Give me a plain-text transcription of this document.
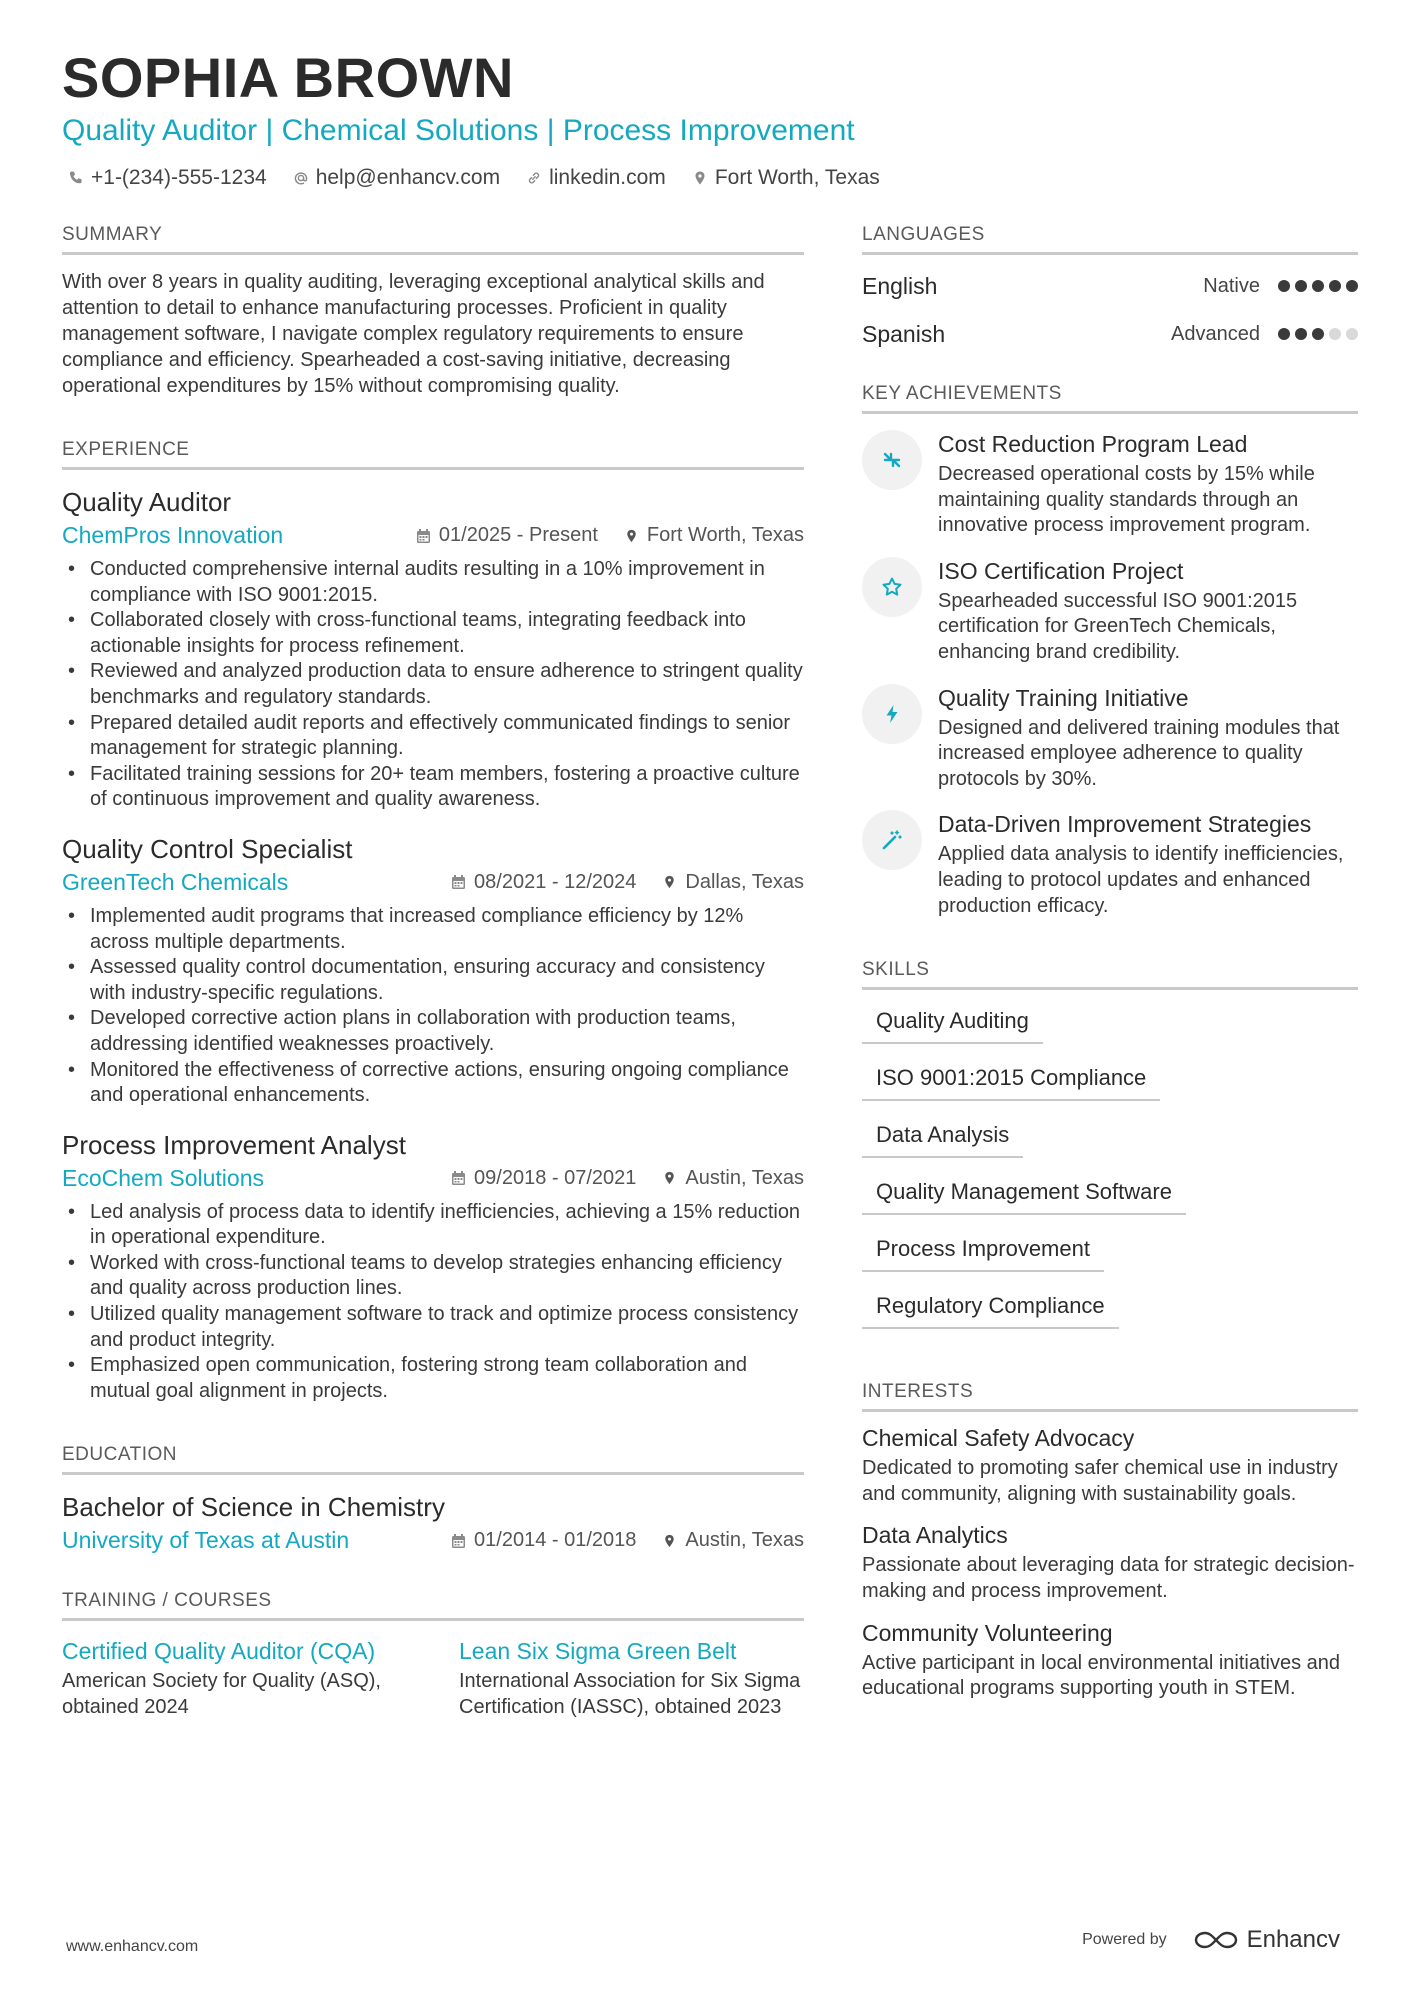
SOPHIA BROWN
Quality Auditor | Chemical Solutions | Process Improvement
+1-(234)-555-1234 help@enhancv.com linkedin.com Fort Worth, Texas
SUMMARY

With over 8 years in quality auditing, leveraging exceptional analytical skills and attention to detail to enhance manufacturing processes. Proficient in quality management software, I navigate complex regulatory requirements to ensure compliance and efficiency. Spearheaded a cost-saving initiative, decreasing operational expenditures by 15% without compromising quality.

EXPERIENCE
Quality Auditor
ChemPros Innovation	01/2025 - Present Fort Worth, Texas
• Conducted comprehensive internal audits resulting in a 10% improvement in compliance with ISO 9001:2015.
• Collaborated closely with cross-functional teams, integrating feedback into actionable insights for process refinement.
• Reviewed and analyzed production data to ensure adherence to stringent quality benchmarks and regulatory standards.
• Prepared detailed audit reports and effectively communicated findings to senior management for strategic planning.
• Facilitated training sessions for 20+ team members, fostering a proactive culture of continuous improvement and quality awareness.
Quality Control Specialist
GreenTech Chemicals	08/2021 - 12/2024 Dallas, Texas
• Implemented audit programs that increased compliance efficiency by 12% across multiple departments.
• Assessed quality control documentation, ensuring accuracy and consistency with industry-specific regulations.
• Developed corrective action plans in collaboration with production teams, addressing identified weaknesses proactively.
• Monitored the effectiveness of corrective actions, ensuring ongoing compliance and operational enhancements.
Process Improvement Analyst
EcoChem Solutions	09/2018 - 07/2021 Austin, Texas
• Led analysis of process data to identify inefficiencies, achieving a 15% reduction in operational expenditure.
• Worked with cross-functional teams to develop strategies enhancing efficiency and quality across production lines.
• Utilized quality management software to track and optimize process consistency and product integrity.
• Emphasized open communication, fostering strong team collaboration and mutual goal alignment in projects.
EDUCATION
Bachelor of Science in Chemistry
University of Texas at Austin	01/2014 - 01/2018 Austin, Texas
TRAINING / COURSES
Certified Quality Auditor (CQA)
American Society for Quality (ASQ), obtained 2024
Lean Six Sigma Green Belt
International Association for Six Sigma Certification (IASSC), obtained 2023
LANGUAGES
English	Native
Spanish	Advanced
KEY ACHIEVEMENTS
Cost Reduction Program Lead
Decreased operational costs by 15% while maintaining quality standards through an innovative process improvement program.
ISO Certification Project
Spearheaded successful ISO 9001:2015 certification for GreenTech Chemicals, enhancing brand credibility.
Quality Training Initiative
Designed and delivered training modules that increased employee adherence to quality protocols by 30%.
Data-Driven Improvement Strategies
Applied data analysis to identify inefficiencies, leading to protocol updates and enhanced production efficacy.
SKILLS
Quality Auditing
ISO 9001:2015 Compliance
Data Analysis
Quality Management Software
Process Improvement
Regulatory Compliance
INTERESTS
Chemical Safety Advocacy
Dedicated to promoting safer chemical use in industry and community, aligning with sustainability goals.
Data Analytics
Passionate about leveraging data for strategic decision-making and process improvement.
Community Volunteering
Active participant in local environmental initiatives and educational programs supporting youth in STEM.
www.enhancv.com	Powered by	Enhancv
